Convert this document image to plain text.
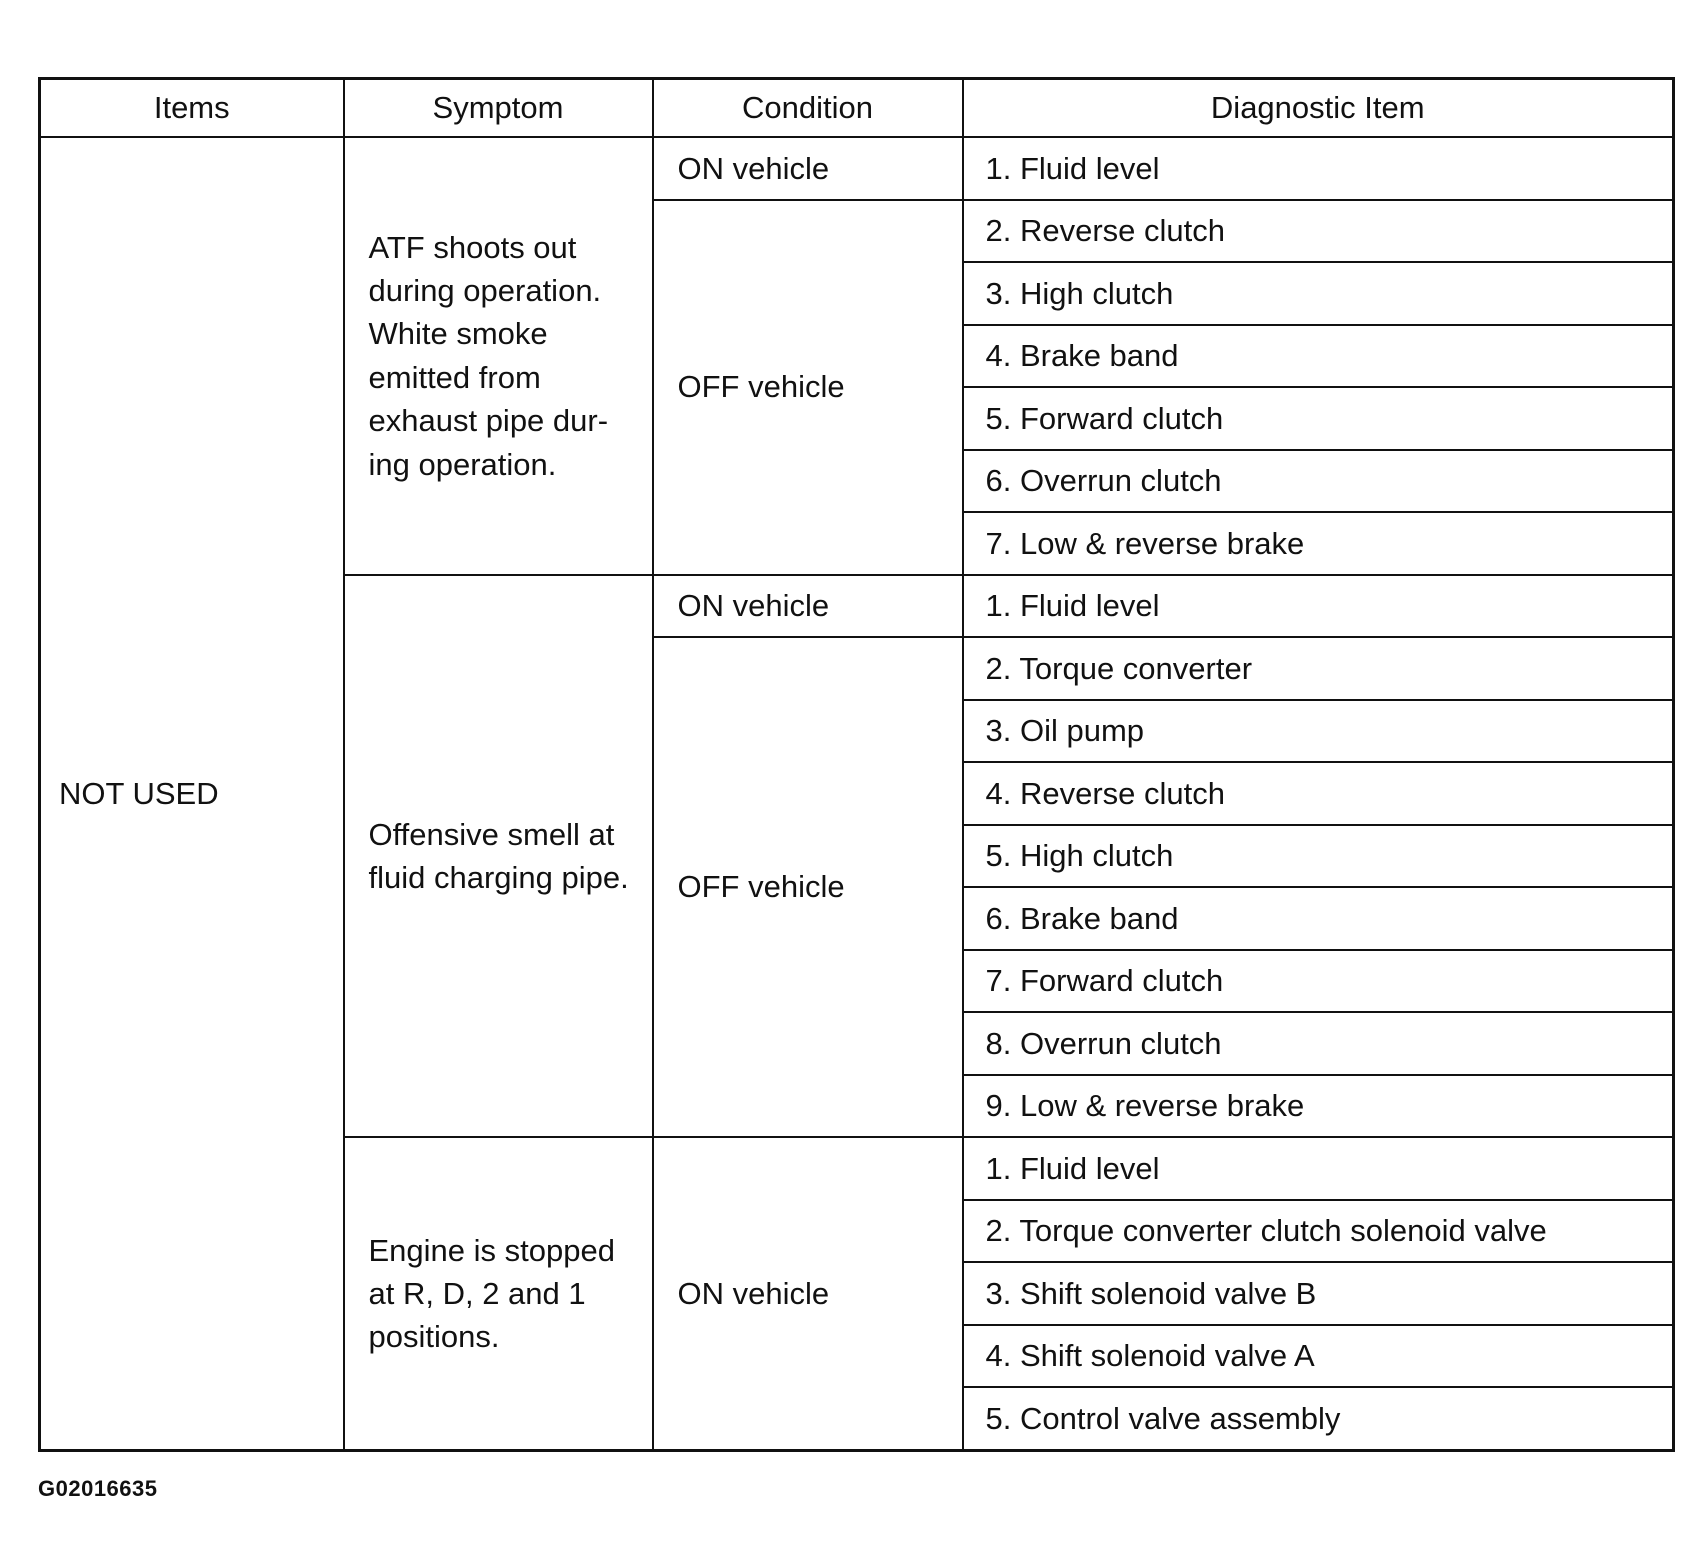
Items	Symptom	Condition	Diagnostic Item
NOT USED	ATF shoots out during operation. White smoke emitted from exhaust pipe dur-ing operation.	ON vehicle	1. Fluid level
		OFF vehicle	2. Reverse clutch
			3. High clutch
			4. Brake band
			5. Forward clutch
			6. Overrun clutch
			7. Low & reverse brake
	Offensive smell at fluid charging pipe.	ON vehicle	1. Fluid level
		OFF vehicle	2. Torque converter
			3. Oil pump
			4. Reverse clutch
			5. High clutch
			6. Brake band
			7. Forward clutch
			8. Overrun clutch
			9. Low & reverse brake
	Engine is stopped at R, D, 2 and 1 positions.	ON vehicle	1. Fluid level
			2. Torque converter clutch solenoid valve
			3. Shift solenoid valve B
			4. Shift solenoid valve A
			5. Control valve assembly
G02016635
